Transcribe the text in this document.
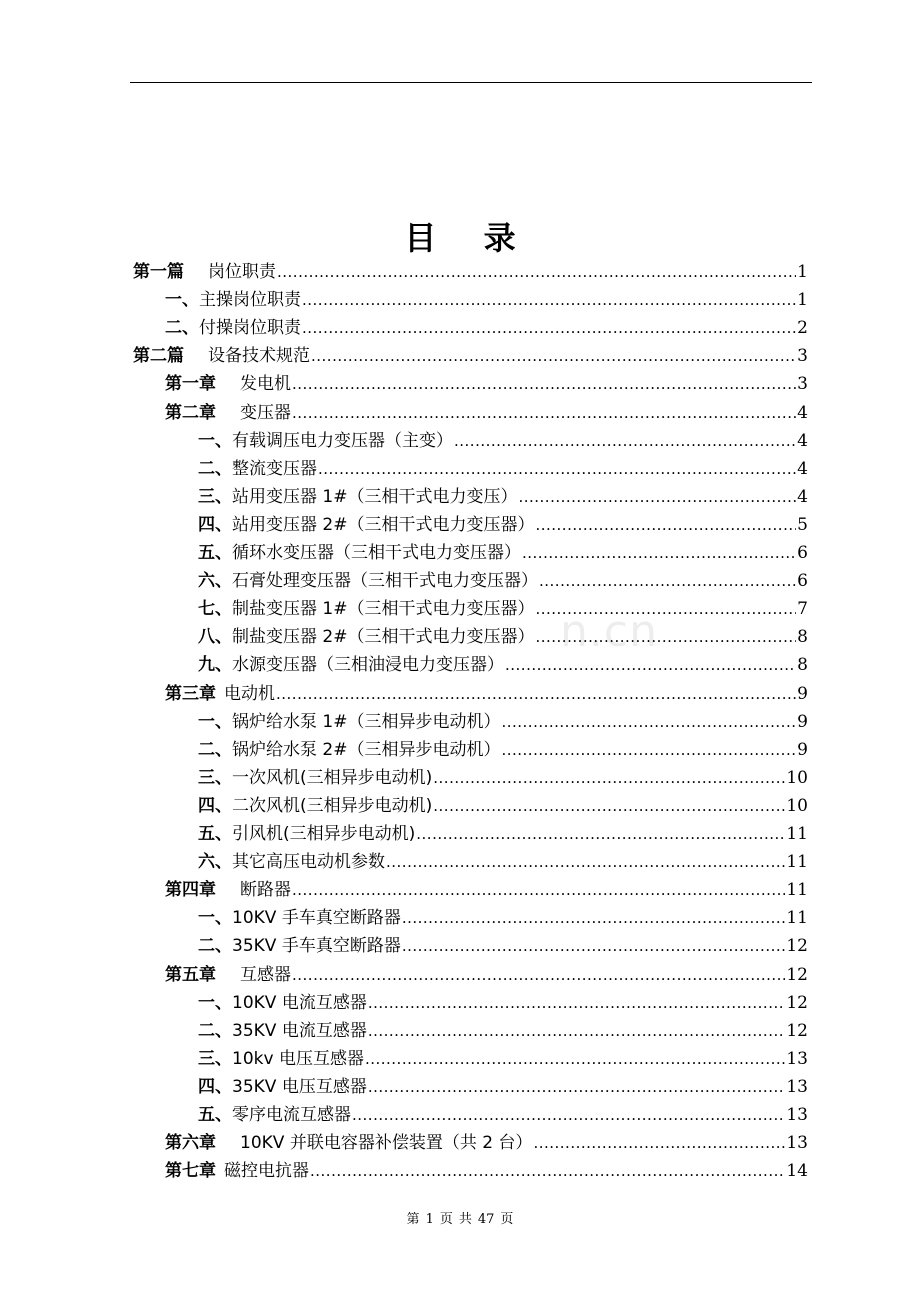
目 录
n.cn
第一篇 岗位职责 .....	1
一、主操岗位职责 .....	1
二、付操岗位职责 .....	2
第二篇 设备技术规范 .....	3
第一章 发电机 .....	3
第二章 变压器 .....	4
一、有载调压电力变压器（主变） .....	4
二、整流变压器 .....	4
三、站用变压器 1#（三相干式电力变压） .....	4
四、站用变压器 2#（三相干式电力变压器） .....	5
五、循环水变压器（三相干式电力变压器） .....	6
六、石膏处理变压器（三相干式电力变压器） .....	6
七、制盐变压器 1#（三相干式电力变压器） .....	7
八、制盐变压器 2#（三相干式电力变压器） .....	8
九、水源变压器（三相油浸电力变压器） .....	8
第三章 电动机 .....	9
一、锅炉给水泵 1#（三相异步电动机） .....	9
二、锅炉给水泵 2#（三相异步电动机） .....	9
三、一次风机(三相异步电动机) .....	10
四、二次风机(三相异步电动机) .....	10
五、引风机(三相异步电动机) .....	11
六、其它高压电动机参数 .....	11
第四章 断路器 .....	11
一、10KV 手车真空断路器 .....	11
二、35KV 手车真空断路器 .....	12
第五章 互感器 .....	12
一、10KV 电流互感器 .....	12
二、35KV 电流互感器 .....	12
三、10kv 电压互感器 .....	13
四、35KV 电压互感器 .....	13
五、零序电流互感器 .....	13
第六章 10KV 并联电容器补偿装置（共 2 台） .....	13
第七章 磁控电抗器 .....	14
第 1 页 共 47 页
